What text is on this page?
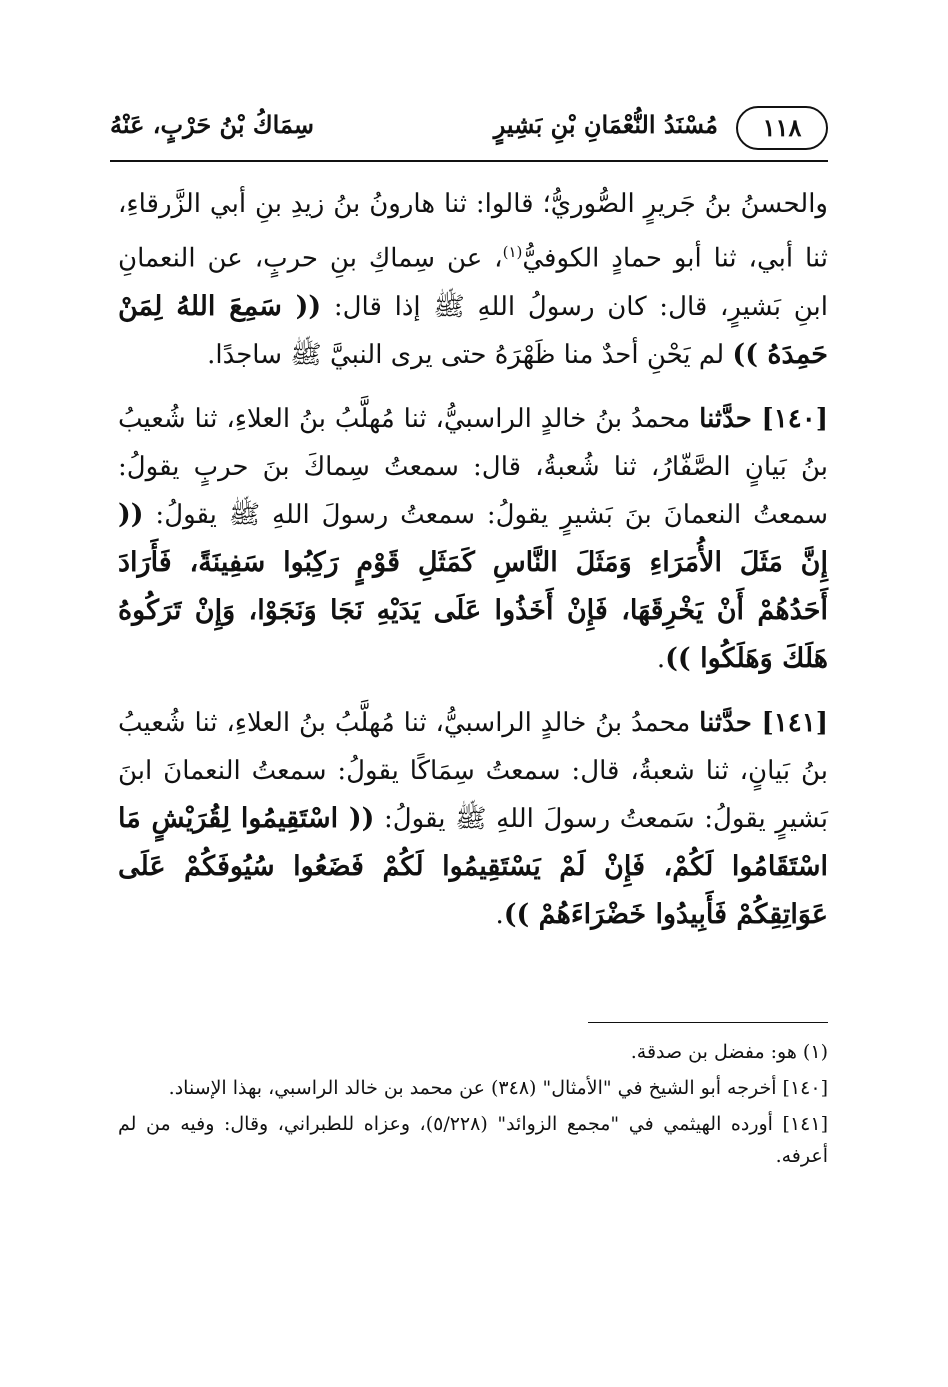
١١٨
مُسْنَدُ النُّعْمَانِ بْنِ بَشِيرٍ
سِمَاكُ بْنُ حَرْبٍ، عَنْهُ

والحسنُ بنُ جَريرٍ الصُّوريُّ؛ قالوا: ثنا هارونُ بنُ زيدِ بنِ أبي الزَّرقاءِ، ثنا أبي، ثنا أبو حمادٍ الكوفيُّ$^{(١)}$، عن سِماكِ بنِ حربٍ، عن النعمانِ ابنِ بَشيرٍ، قال: كان رسولُ اللهِ ﷺ إذا قال: (( سَمِعَ اللهُ لِمَنْ حَمِدَهُ )) لم يَحْنِ أحدٌ منا ظَهْرَهُ حتى يرى النبيَّ ﷺ ساجدًا.

[١٤٠] حدَّثنا محمدُ بنُ خالدٍ الراسبيُّ، ثنا مُهلَّبُ بنُ العلاءِ، ثنا شُعيبُ بنُ بَيانٍ الصَّفّارُ، ثنا شُعبةُ، قال: سمعتُ سِماكَ بنَ حربٍ يقولُ: سمعتُ النعمانَ بنَ بَشيرٍ يقولُ: سمعتُ رسولَ اللهِ ﷺ يقولُ: (( إِنَّ مَثَلَ الأُمَرَاءِ وَمَثَلَ النَّاسِ كَمَثَلِ قَوْمٍ رَكِبُوا سَفِينَةً، فَأَرَادَ أَحَدُهُمْ أَنْ يَخْرِقَهَا، فَإِنْ أَخَذُوا عَلَى يَدَيْهِ نَجَا وَنَجَوْا، وَإِنْ تَرَكُوهُ هَلَكَ وَهَلَكُوا )).

[١٤١] حدَّثنا محمدُ بنُ خالدٍ الراسبيُّ، ثنا مُهلَّبُ بنُ العلاءِ، ثنا شُعيبُ بنُ بَيانٍ، ثنا شعبةُ، قال: سمعتُ سِمَاكًا يقولُ: سمعتُ النعمانَ ابنَ بَشيرٍ يقولُ: سَمعتُ رسولَ اللهِ ﷺ يقولُ: (( اسْتَقِيمُوا لِقُرَيْشٍ مَا اسْتَقَامُوا لَكُمْ، فَإِنْ لَمْ يَسْتَقِيمُوا لَكُمْ فَضَعُوا سُيُوفَكُمْ عَلَى عَوَاتِقِكُمْ فَأَبِيدُوا خَضْرَاءَهُمْ )).

(١) هو: مفضل بن صدقة.

[١٤٠] أخرجه أبو الشيخ في "الأمثال" (٣٤٨) عن محمد بن خالد الراسبي، بهذا الإسناد.

[١٤١] أورده الهيثمي في "مجمع الزوائد" (٥/٢٢٨)، وعزاه للطبراني، وقال: وفيه من لم أعرفه.
